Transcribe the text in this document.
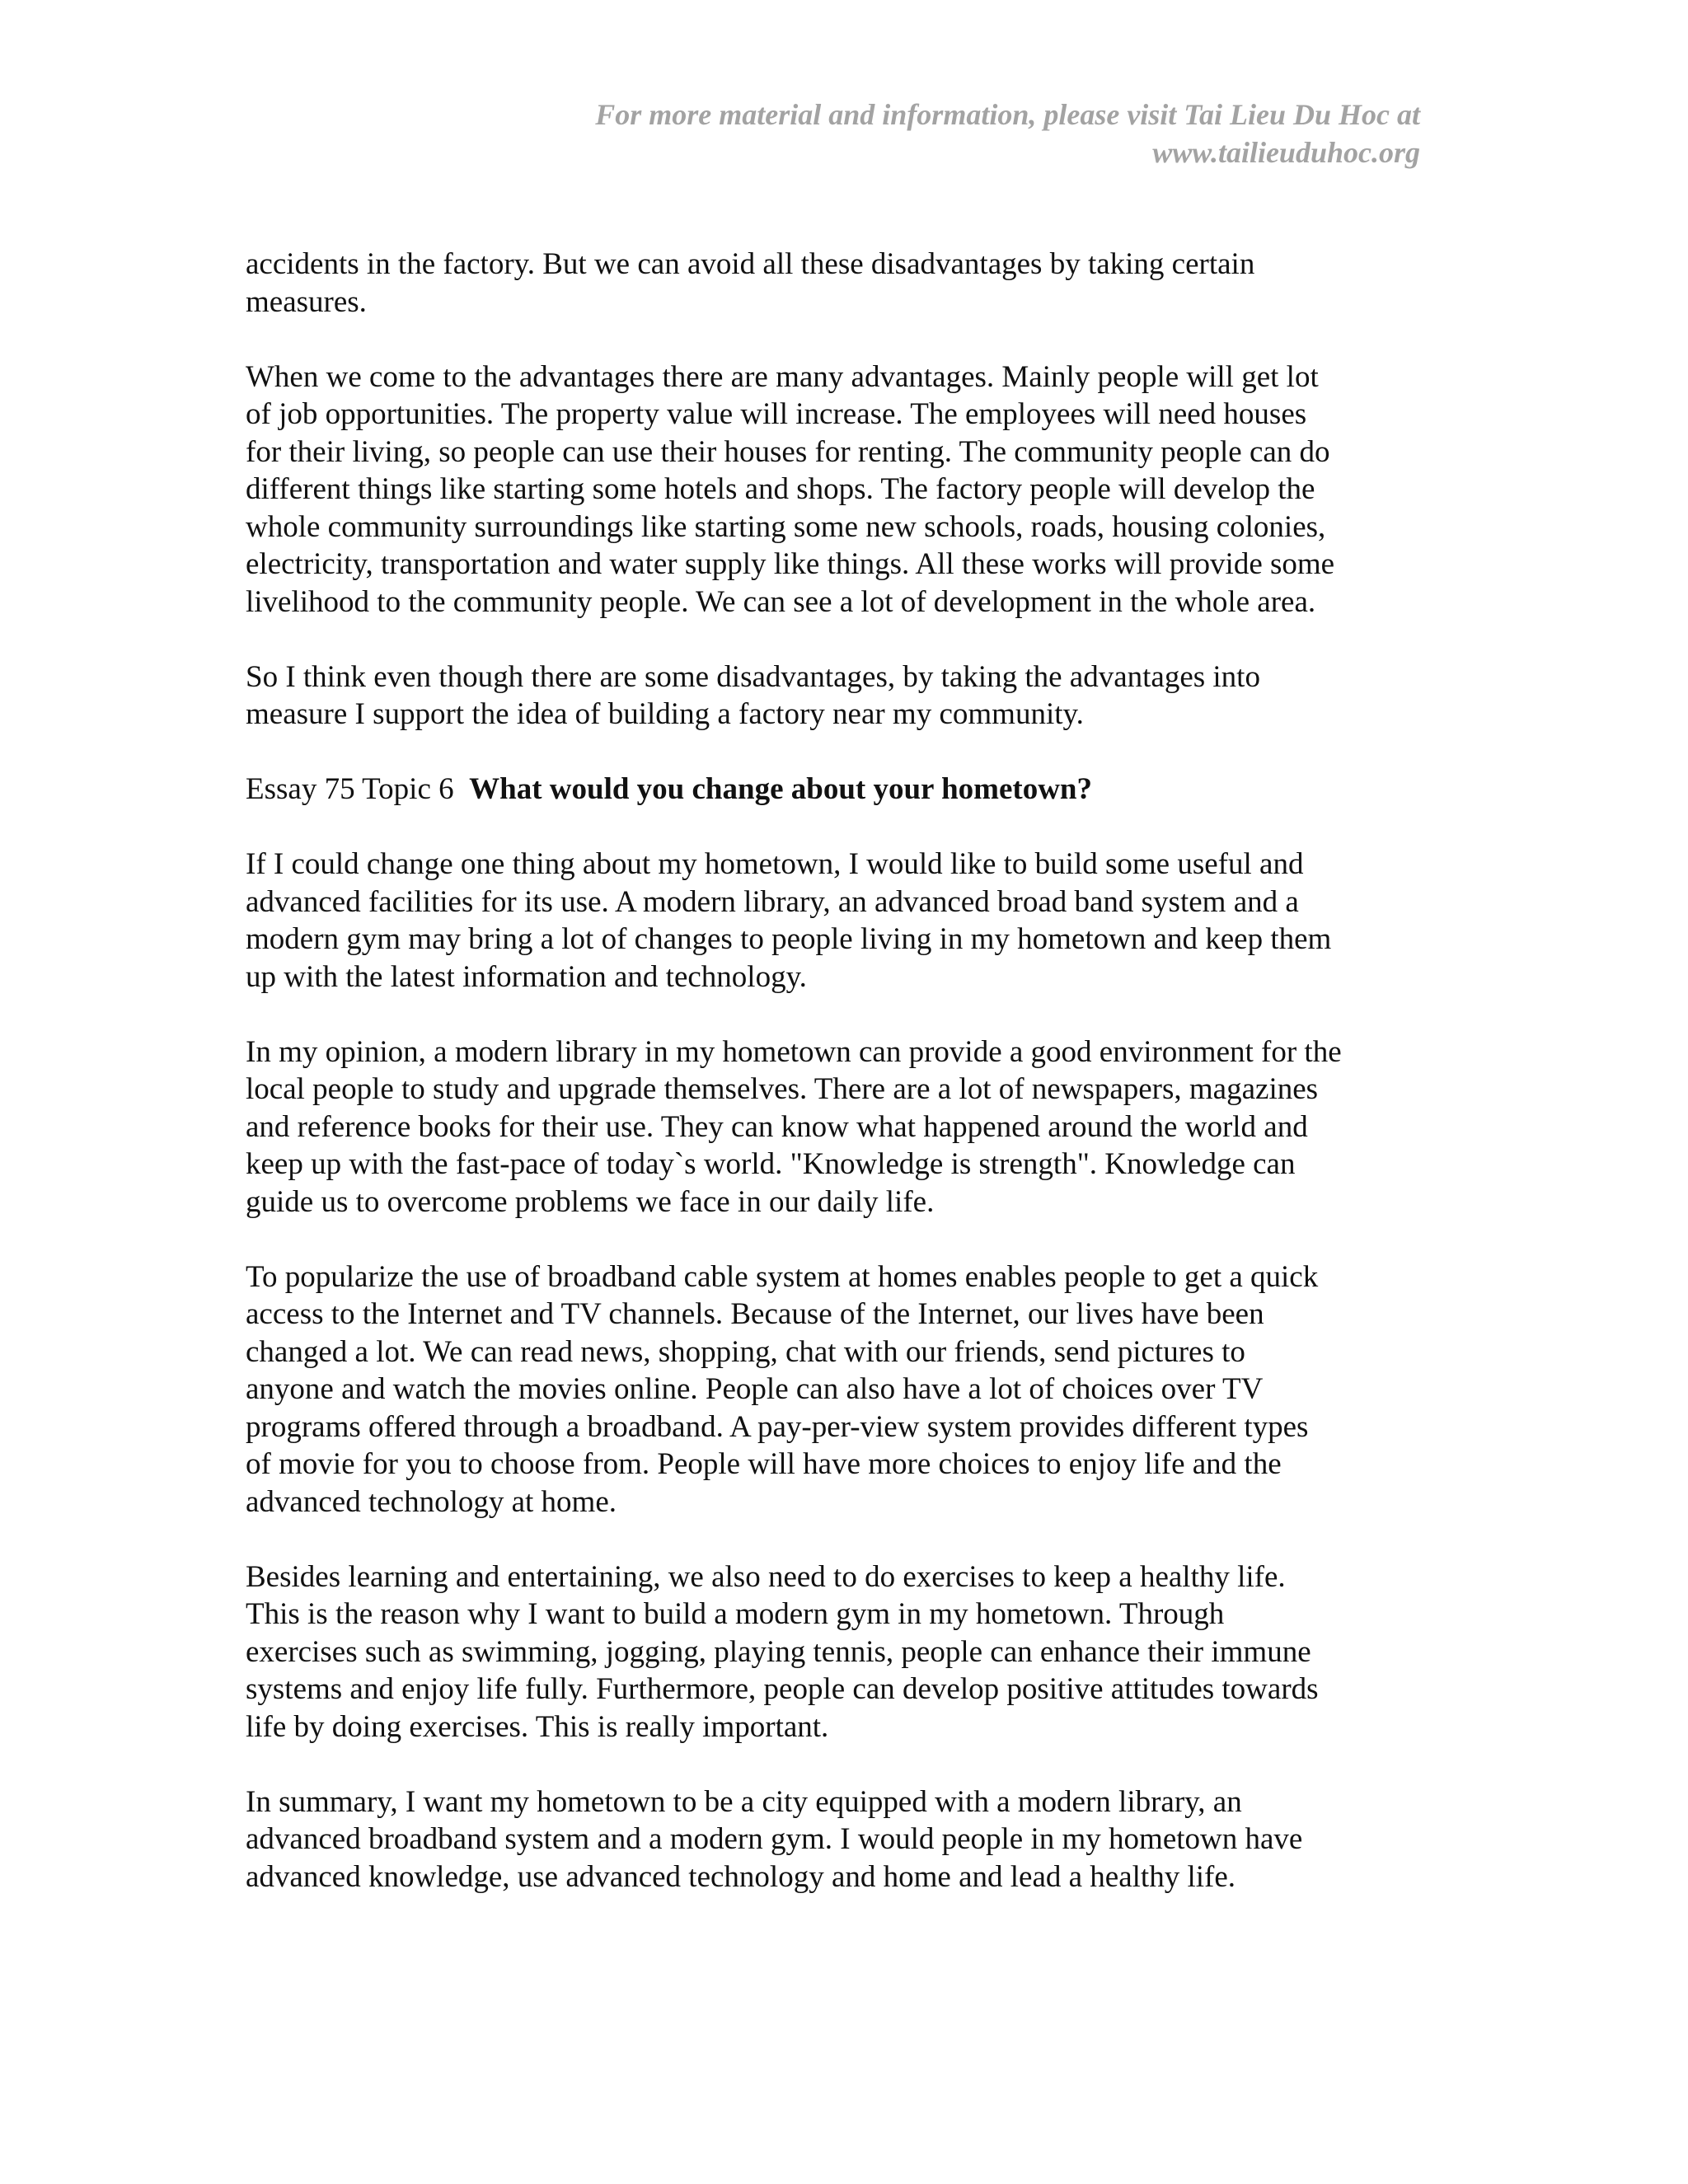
For more material and information, please visit Tai Lieu Du Hoc at
www.tailieuduhoc.org
accidents in the factory. But we can avoid all these disadvantages by taking certain
measures.
When we come to the advantages there are many advantages. Mainly people will get lot
of job opportunities. The property value will increase. The employees will need houses
for their living, so people can use their houses for renting. The community people can do
different things like starting some hotels and shops. The factory people will develop the
whole community surroundings like starting some new schools, roads, housing colonies,
electricity, transportation and water supply like things. All these works will provide some
livelihood to the community people. We can see a lot of development in the whole area.
So I think even though there are some disadvantages, by taking the advantages into
measure I support the idea of building a factory near my community.
Essay 75 Topic 6 What would you change about your hometown?
If I could change one thing about my hometown, I would like to build some useful and
advanced facilities for its use. A modern library, an advanced broad band system and a
modern gym may bring a lot of changes to people living in my hometown and keep them
up with the latest information and technology.
In my opinion, a modern library in my hometown can provide a good environment for the
local people to study and upgrade themselves. There are a lot of newspapers, magazines
and reference books for their use. They can know what happened around the world and
keep up with the fast-pace of today`s world. "Knowledge is strength". Knowledge can
guide us to overcome problems we face in our daily life.
To popularize the use of broadband cable system at homes enables people to get a quick
access to the Internet and TV channels. Because of the Internet, our lives have been
changed a lot. We can read news, shopping, chat with our friends, send pictures to
anyone and watch the movies online. People can also have a lot of choices over TV
programs offered through a broadband. A pay-per-view system provides different types
of movie for you to choose from. People will have more choices to enjoy life and the
advanced technology at home.
Besides learning and entertaining, we also need to do exercises to keep a healthy life.
This is the reason why I want to build a modern gym in my hometown. Through
exercises such as swimming, jogging, playing tennis, people can enhance their immune
systems and enjoy life fully. Furthermore, people can develop positive attitudes towards
life by doing exercises. This is really important.
In summary, I want my hometown to be a city equipped with a modern library, an
advanced broadband system and a modern gym. I would people in my hometown have
advanced knowledge, use advanced technology and home and lead a healthy life.
